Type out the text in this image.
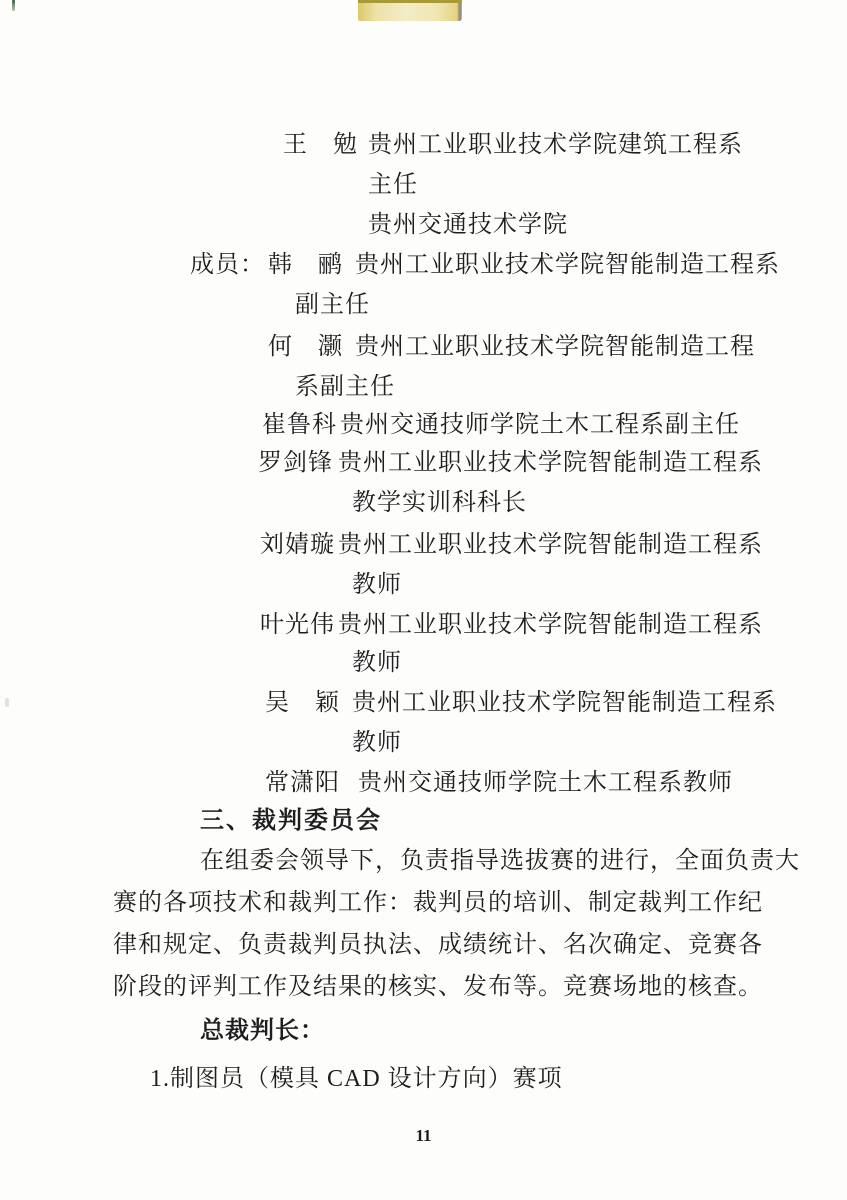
王　勉 贵州工业职业技术学院建筑工程系
主任
贵州交通技术学院
成员： 韩　鹂 贵州工业职业技术学院智能制造工程系
副主任
何　灏 贵州工业职业技术学院智能制造工程
系副主任
崔鲁科 贵州交通技师学院土木工程系副主任
罗剑锋 贵州工业职业技术学院智能制造工程系
教学实训科科长
刘婧璇 贵州工业职业技术学院智能制造工程系
教师
叶光伟 贵州工业职业技术学院智能制造工程系
教师
吴　颖 贵州工业职业技术学院智能制造工程系
教师
常潇阳 贵州交通技师学院土木工程系教师
三、裁判委员会
在组委会领导下，负责指导选拔赛的进行，全面负责大
赛的各项技术和裁判工作：裁判员的培训、制定裁判工作纪
律和规定、负责裁判员执法、成绩统计、名次确定、竞赛各
阶段的评判工作及结果的核实、发布等。竞赛场地的核查。
总裁判长：
1.制图员（模具 CAD 设计方向）赛项
11
